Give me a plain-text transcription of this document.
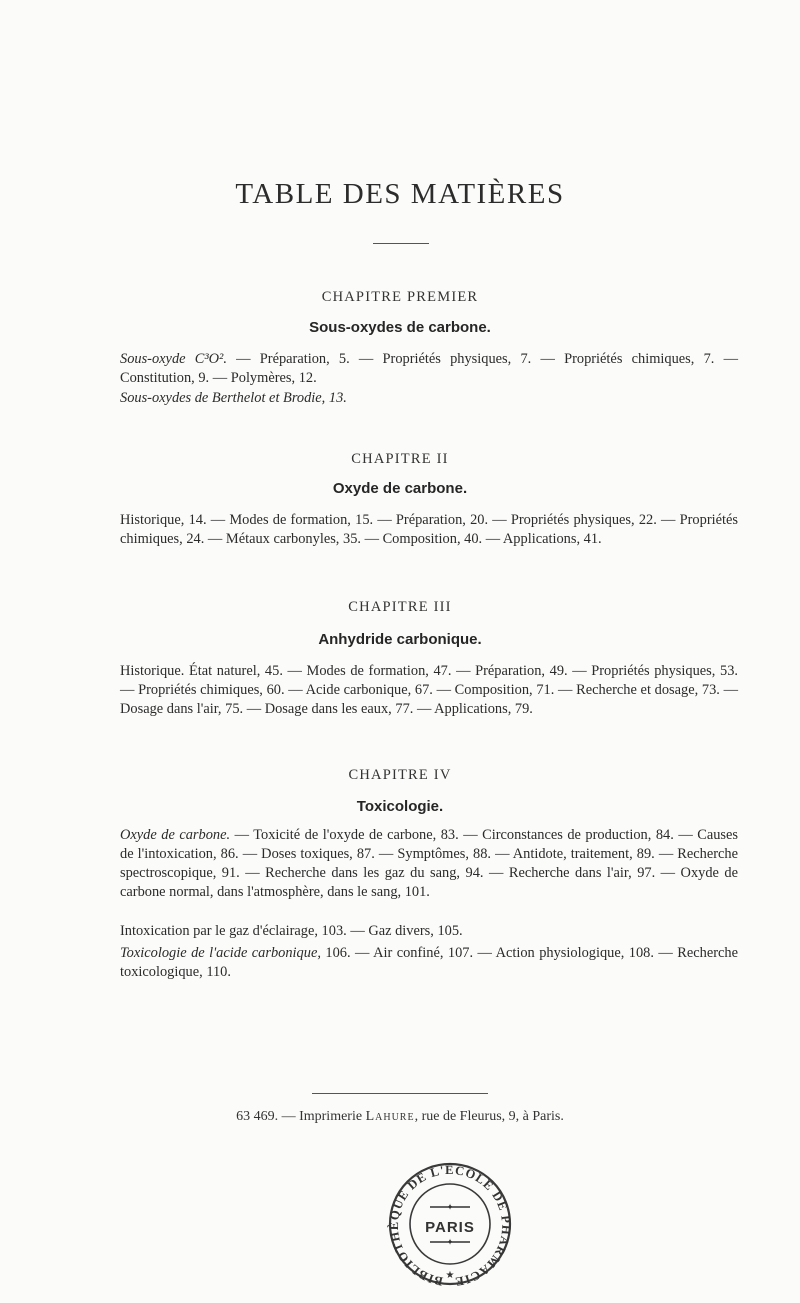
TABLE DES MATIÈRES
CHAPITRE PREMIER
Sous-oxydes de carbone.

Sous-oxyde C³O². — Préparation, 5. — Propriétés physiques, 7. — Propriétés chimiques, 7. — Constitution, 9. — Polymères, 12.

Sous-oxydes de Berthelot et Brodie, 13.

CHAPITRE II
Oxyde de carbone.

Historique, 14. — Modes de formation, 15. — Préparation, 20. — Propriétés physiques, 22. — Propriétés chimiques, 24. — Métaux carbonyles, 35. — Composition, 40. — Applications, 41.

CHAPITRE III
Anhydride carbonique.

Historique. État naturel, 45. — Modes de formation, 47. — Préparation, 49. — Propriétés physiques, 53. — Propriétés chimiques, 60. — Acide carbonique, 67. — Composition, 71. — Recherche et dosage, 73. — Dosage dans l'air, 75. — Dosage dans les eaux, 77. — Applications, 79.

CHAPITRE IV
Toxicologie.

Oxyde de carbone. — Toxicité de l'oxyde de carbone, 83. — Circonstances de production, 84. — Causes de l'intoxication, 86. — Doses toxiques, 87. — Symptômes, 88. — Antidote, traitement, 89. — Recherche spectroscopique, 91. — Recherche dans les gaz du sang, 94. — Recherche dans l'air, 97. — Oxyde de carbone normal, dans l'atmosphère, dans le sang, 101.

Intoxication par le gaz d'éclairage, 103. — Gaz divers, 105.

Toxicologie de l'acide carbonique, 106. — Air confiné, 107. — Action physiologique, 108. — Recherche toxicologique, 110.

63 469. — Imprimerie Lahure, rue de Fleurus, 9, à Paris.
BIBLIOTHÈQUE DE L'ÉCOLE DE PHARMACIE
✦
PARIS
✦
★
